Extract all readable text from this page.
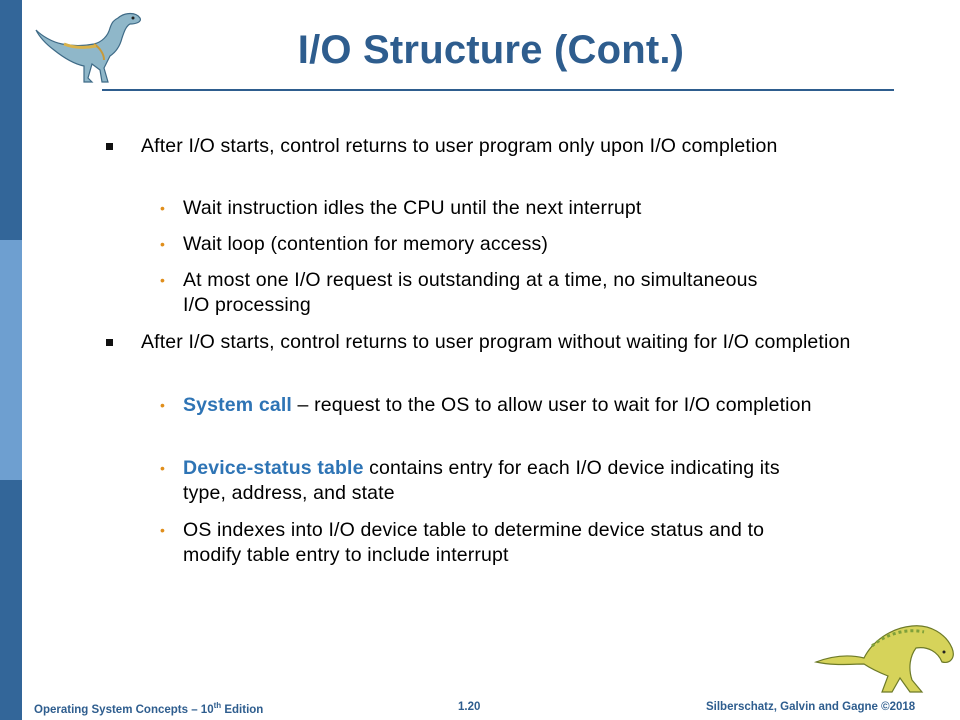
I/O Structure (Cont.)
After I/O starts, control returns to user program only upon I/O completion
• Wait instruction idles the CPU until the next interrupt
• Wait loop (contention for memory access)
• At most one I/O request is outstanding at a time, no simultaneous I/O processing
After I/O starts, control returns to user program without waiting for I/O completion
• System call – request to the OS to allow user to wait for I/O completion
• Device-status table contains entry for each I/O device indicating its type, address, and state
• OS indexes into I/O device table to determine device status and to modify table entry to include interrupt
Operating System Concepts – 10th Edition	1.20	Silberschatz, Galvin and Gagne ©2018
